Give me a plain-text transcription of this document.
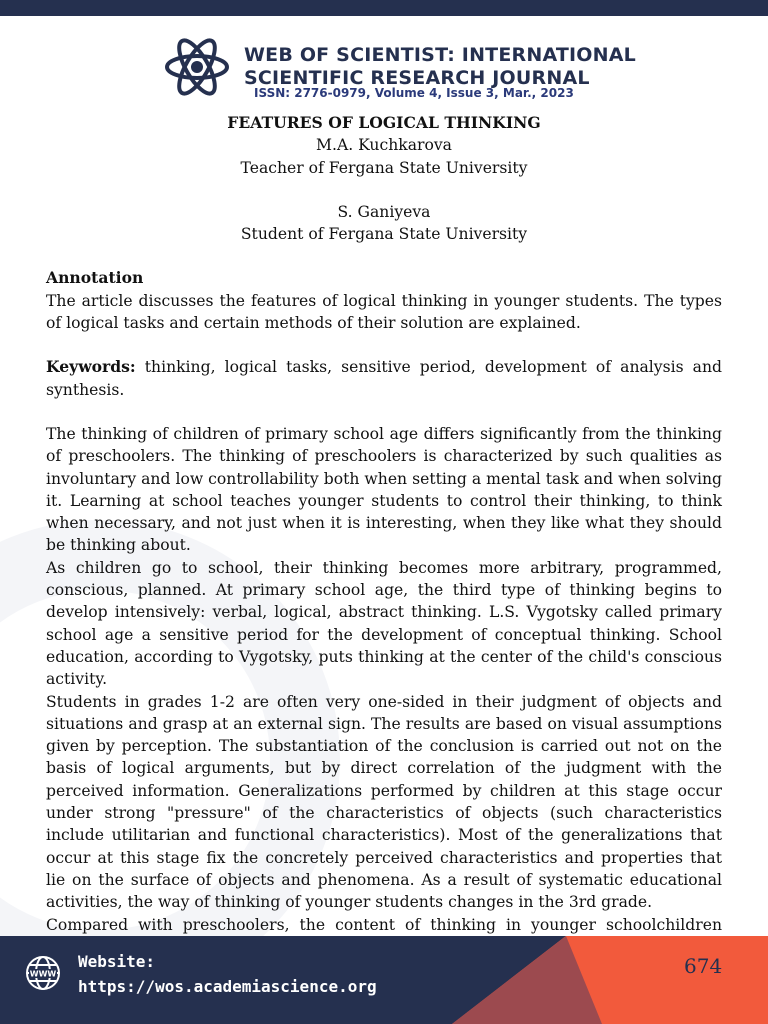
WEB OF SCIENTIST: INTERNATIONAL
SCIENTIFIC RESEARCH JOURNAL
ISSN: 2776-0979, Volume 4, Issue 3, Mar., 2023

FEATURES OF LOGICAL THINKING

M.A. Kuchkarova

Teacher of Fergana State University

S. Ganiyeva

Student of Fergana State University

Annotation

The article discusses the features of logical thinking in younger students. The types of logical tasks and certain methods of their solution are explained.

Keywords: thinking, logical tasks, sensitive period, development of analysis and synthesis.

The thinking of children of primary school age differs significantly from the thinking of preschoolers. The thinking of preschoolers is characterized by such qualities as involuntary and low controllability both when setting a mental task and when solving it. Learning at school teaches younger students to control their thinking, to think when necessary, and not just when it is interesting, when they like what they should be thinking about.

As children go to school, their thinking becomes more arbitrary, programmed, conscious, planned. At primary school age, the third type of thinking begins to develop intensively: verbal, logical, abstract thinking. L.S. Vygotsky called primary school age a sensitive period for the development of conceptual thinking. School education, according to Vygotsky, puts thinking at the center of the child's conscious activity.

Students in grades 1-2 are often very one-sided in their judgment of objects and situations and grasp at an external sign. The results are based on visual assumptions given by perception. The substantiation of the conclusion is carried out not on the basis of logical arguments, but by direct correlation of the judgment with the perceived information. Generalizations performed by children at this stage occur under strong "pressure" of the characteristics of objects (such characteristics include utilitarian and functional characteristics). Most of the generalizations that occur at this stage fix the concretely perceived characteristics and properties that lie on the surface of objects and phenomena. As a result of systematic educational activities, the way of thinking of younger students changes in the 3rd grade.

Compared with preschoolers, the content of thinking in younger schoolchildren

WWW
Website:
https://wos.academiascience.org
674
